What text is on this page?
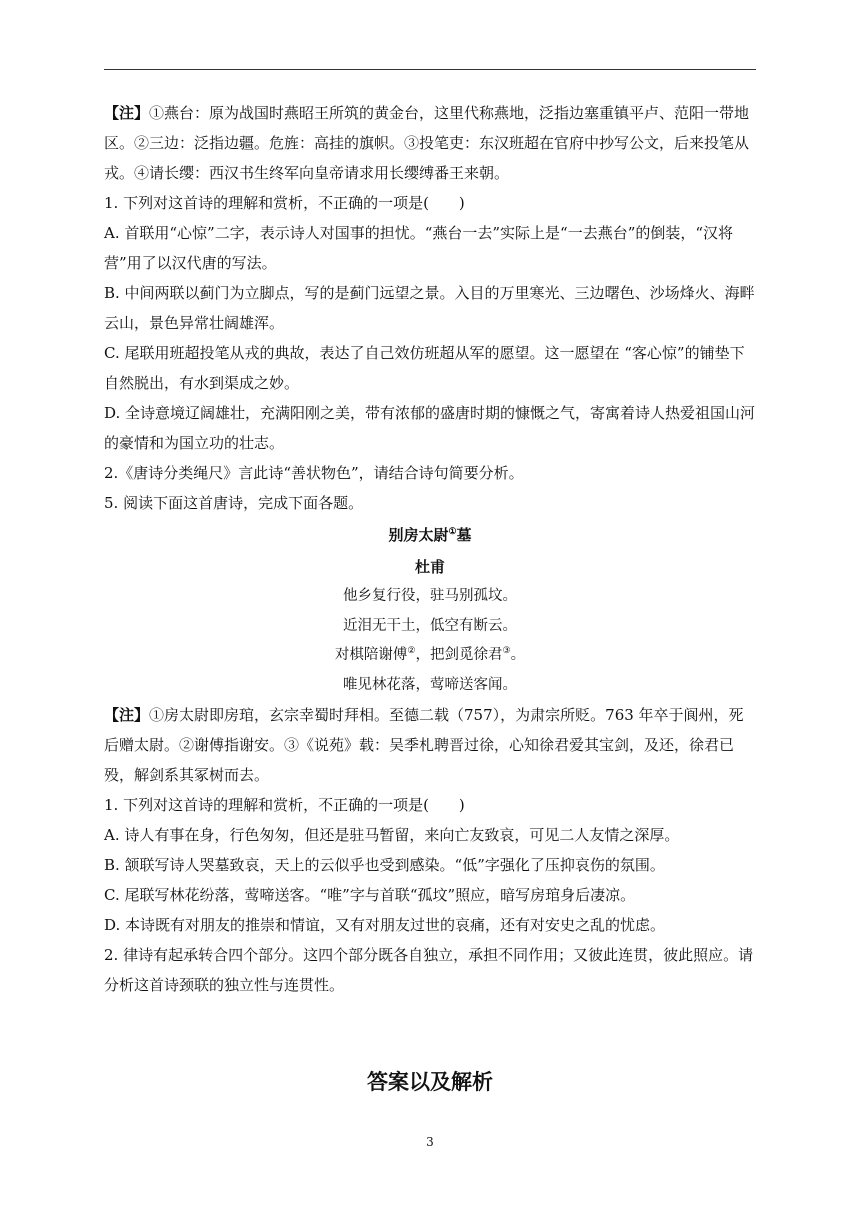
【注】①燕台：原为战国时燕昭王所筑的黄金台，这里代称燕地，泛指边塞重镇平卢、范阳一带地区。②三边：泛指边疆。危旌：高挂的旗帜。③投笔吏：东汉班超在官府中抄写公文，后来投笔从戎。④请长缨：西汉书生终军向皇帝请求用长缨缚番王来朝。

1. 下列对这首诗的理解和赏析，不正确的一项是(　　)

A. 首联用“心惊”二字，表示诗人对国事的担忧。“燕台一去”实际上是“一去燕台”的倒装，“汉将营”用了以汉代唐的写法。

B. 中间两联以蓟门为立脚点，写的是蓟门远望之景。入目的万里寒光、三边曙色、沙场烽火、海畔云山，景色异常壮阔雄浑。

C. 尾联用班超投笔从戎的典故，表达了自己效仿班超从军的愿望。这一愿望在 “客心惊”的铺垫下自然脱出，有水到渠成之妙。

D. 全诗意境辽阔雄壮，充满阳刚之美，带有浓郁的盛唐时期的慷慨之气，寄寓着诗人热爱祖国山河的豪情和为国立功的壮志。

2.《唐诗分类绳尺》言此诗“善状物色”，请结合诗句简要分析。

5. 阅读下面这首唐诗，完成下面各题。

别房太尉①墓

杜甫

他乡复行役，驻马别孤坟。

近泪无干土，低空有断云。

对棋陪谢傅②，把剑觅徐君③。

唯见林花落，莺啼送客闻。

【注】①房太尉即房琯，玄宗幸蜀时拜相。至德二载（757），为肃宗所贬。763 年卒于阆州，死后赠太尉。②谢傅指谢安。③《说苑》载：吴季札聘晋过徐，心知徐君爱其宝剑，及还，徐君已殁，解剑系其冢树而去。

1. 下列对这首诗的理解和赏析，不正确的一项是(　　)

A. 诗人有事在身，行色匆匆，但还是驻马暂留，来向亡友致哀，可见二人友情之深厚。

B. 颔联写诗人哭墓致哀，天上的云似乎也受到感染。“低”字强化了压抑哀伤的氛围。

C. 尾联写林花纷落，莺啼送客。“唯”字与首联“孤坟”照应，暗写房琯身后凄凉。

D. 本诗既有对朋友的推崇和情谊，又有对朋友过世的哀痛，还有对安史之乱的忧虑。

2. 律诗有起承转合四个部分。这四个部分既各自独立，承担不同作用；又彼此连贯，彼此照应。请分析这首诗颈联的独立性与连贯性。

答案以及解析
3
